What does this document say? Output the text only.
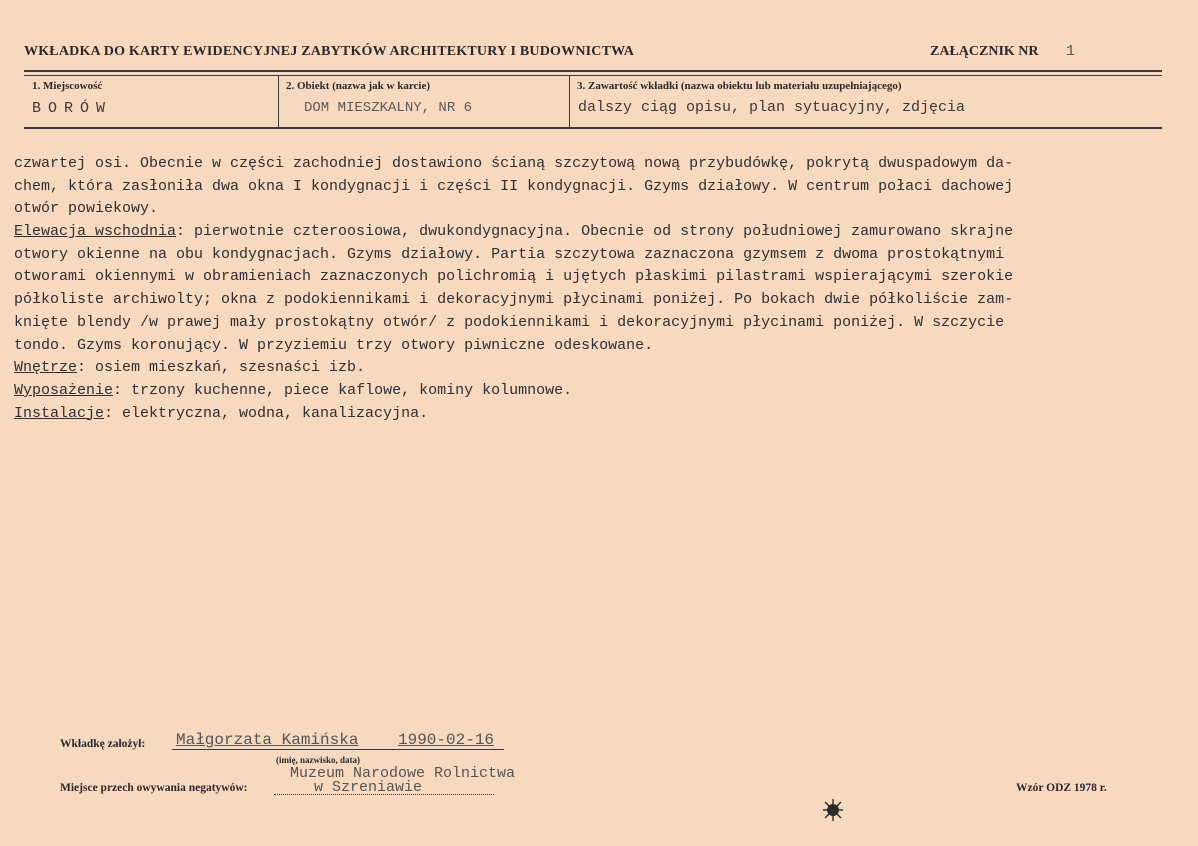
WKŁADKA DO KARTY EWIDENCYJNEJ ZABYTKÓW ARCHITEKTURY I BUDOWNICTWA	ZAŁĄCZNIK NR 1
1. Miejscowość	2. Obiekt (nazwa jak w karcie)	3. Zawartość wkładki (nazwa obiektu lub materiału uzupełniającego)
BORÓW	DOM MIESZKALNY, NR 6	dalszy ciąg opisu, plan sytuacyjny, zdjęcia
czwartej osi. Obecnie w części zachodniej dostawiono ścianą szczytową nową przybudówkę, pokrytą dwuspadowym da-
chem, która zasłoniła dwa okna I kondygnacji i części II kondygnacji. Gzyms działowy. W centrum połaci dachowej
otwór powiekowy.
Elewacja wschodnia: pierwotnie czteroosiowa, dwukondygnacyjna. Obecnie od strony południowej zamurowano skrajne
otwory okienne na obu kondygnacjach. Gzyms działowy. Partia szczytowa zaznaczona gzymsem z dwoma prostokątnymi
otworami okiennymi w obramieniach zaznaczonych polichromią i ujętych płaskimi pilastrami wspierającymi szerokie
półkoliste archiwolty; okna z podokiennikami i dekoracyjnymi płycinami poniżej. Po bokach dwie półkoliście zam-
knięte blendy /w prawej mały prostokątny otwór/ z podokiennikami i dekoracyjnymi płycinami poniżej. W szczycie
tondo. Gzyms koronujący. W przyziemiu trzy otwory piwniczne odeskowane.
Wnętrze: osiem mieszkań, szesnaści izb.
Wyposażenie: trzony kuchenne, piece kaflowe, kominy kolumnowe.
Instalacje: elektryczna, wodna, kanalizacyjna.
Wkładkę założył: Małgorzata Kamińska 1990-02-16
(imię, nazwisko, data)
Miejsce przech owywania negatywów:
Muzeum Narodowe Rolnictwa
w Szreniawie	Wzór ODZ 1978 r.
